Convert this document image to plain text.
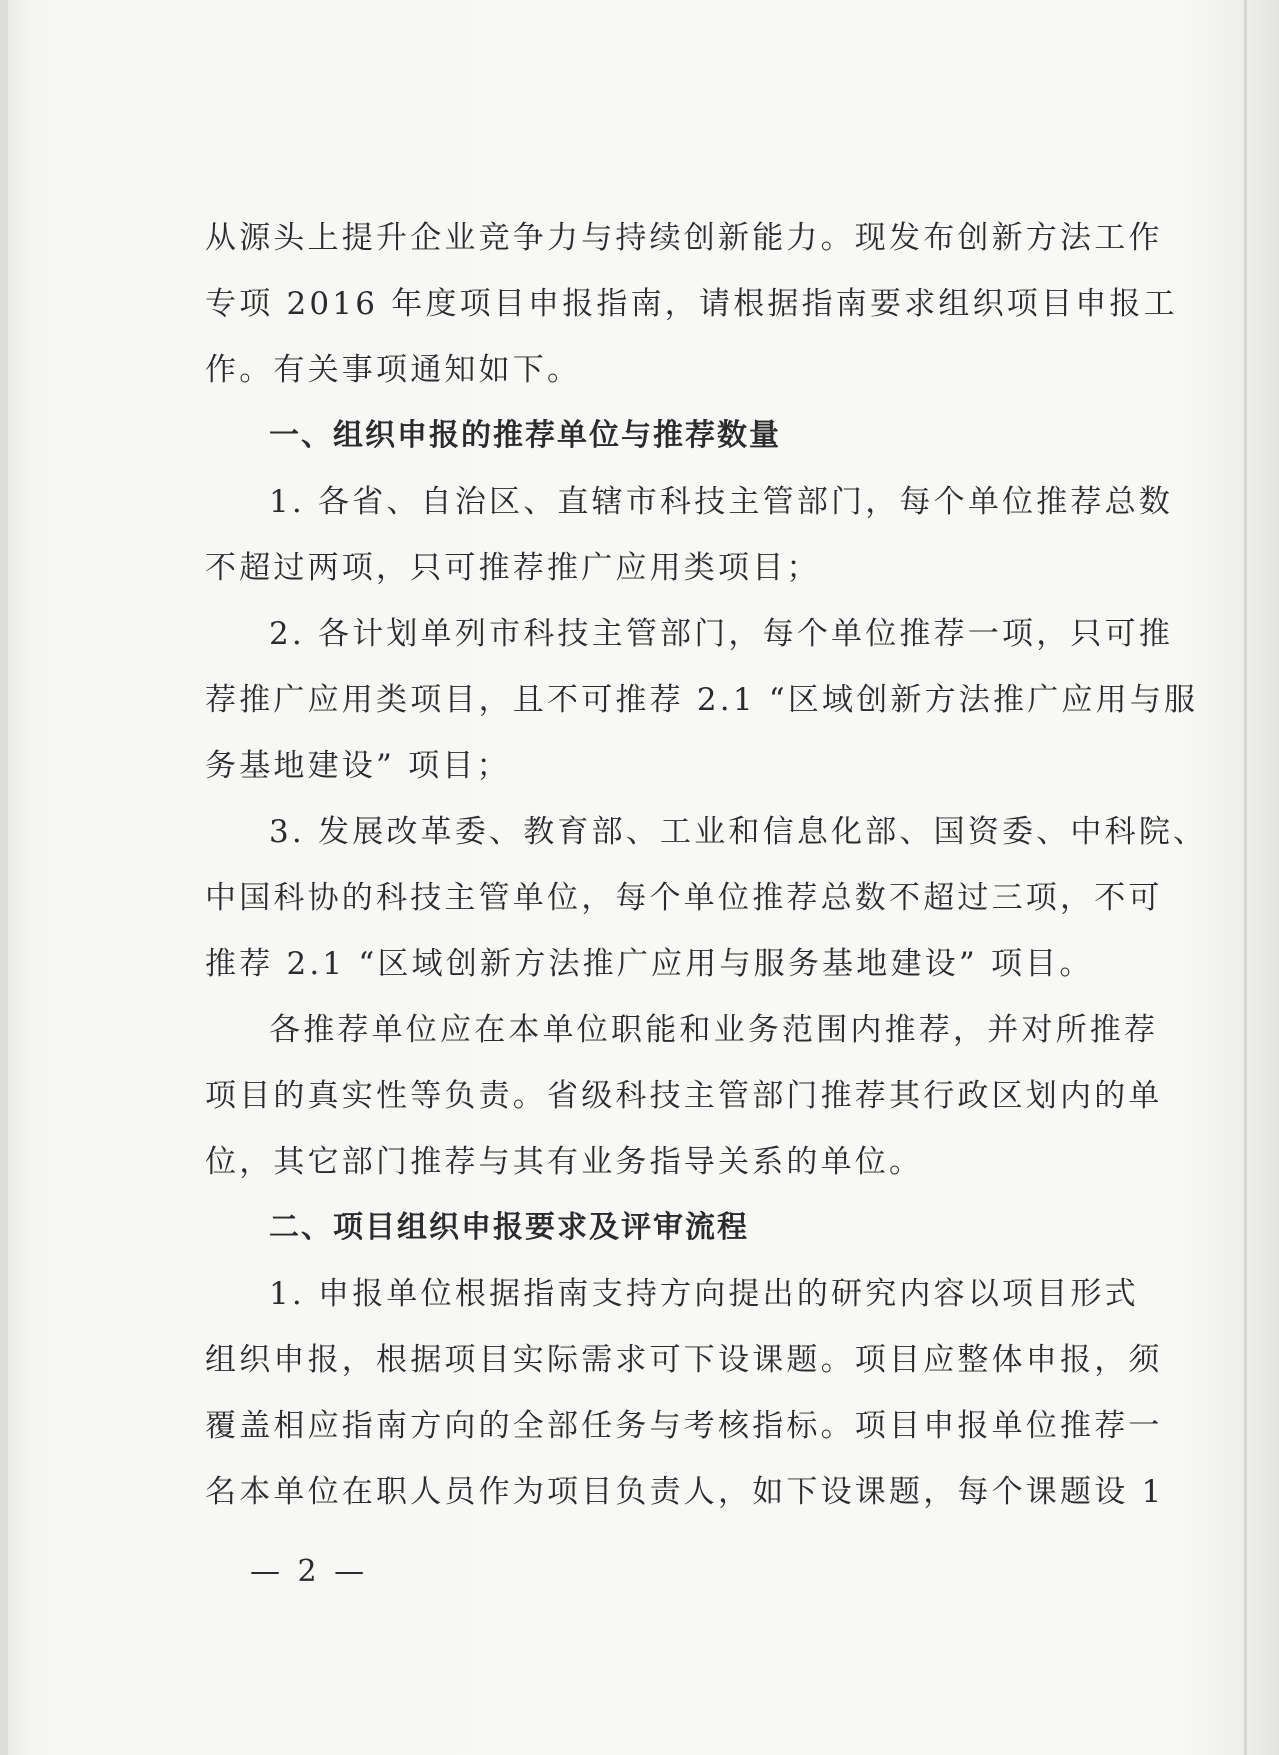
从源头上提升企业竞争力与持续创新能力。现发布创新方法工作
专项 2016 年度项目申报指南，请根据指南要求组织项目申报工
作。有关事项通知如下。
一、组织申报的推荐单位与推荐数量
1. 各省、自治区、直辖市科技主管部门，每个单位推荐总数
不超过两项，只可推荐推广应用类项目；
2. 各计划单列市科技主管部门，每个单位推荐一项，只可推
荐推广应用类项目，且不可推荐 2.1 “区域创新方法推广应用与服
务基地建设” 项目；
3. 发展改革委、教育部、工业和信息化部、国资委、中科院、
中国科协的科技主管单位，每个单位推荐总数不超过三项，不可
推荐 2.1 “区域创新方法推广应用与服务基地建设” 项目。
各推荐单位应在本单位职能和业务范围内推荐，并对所推荐
项目的真实性等负责。省级科技主管部门推荐其行政区划内的单
位，其它部门推荐与其有业务指导关系的单位。
二、项目组织申报要求及评审流程
1. 申报单位根据指南支持方向提出的研究内容以项目形式
组织申报，根据项目实际需求可下设课题。项目应整体申报，须
覆盖相应指南方向的全部任务与考核指标。项目申报单位推荐一
名本单位在职人员作为项目负责人，如下设课题，每个课题设 1
— 2 —
